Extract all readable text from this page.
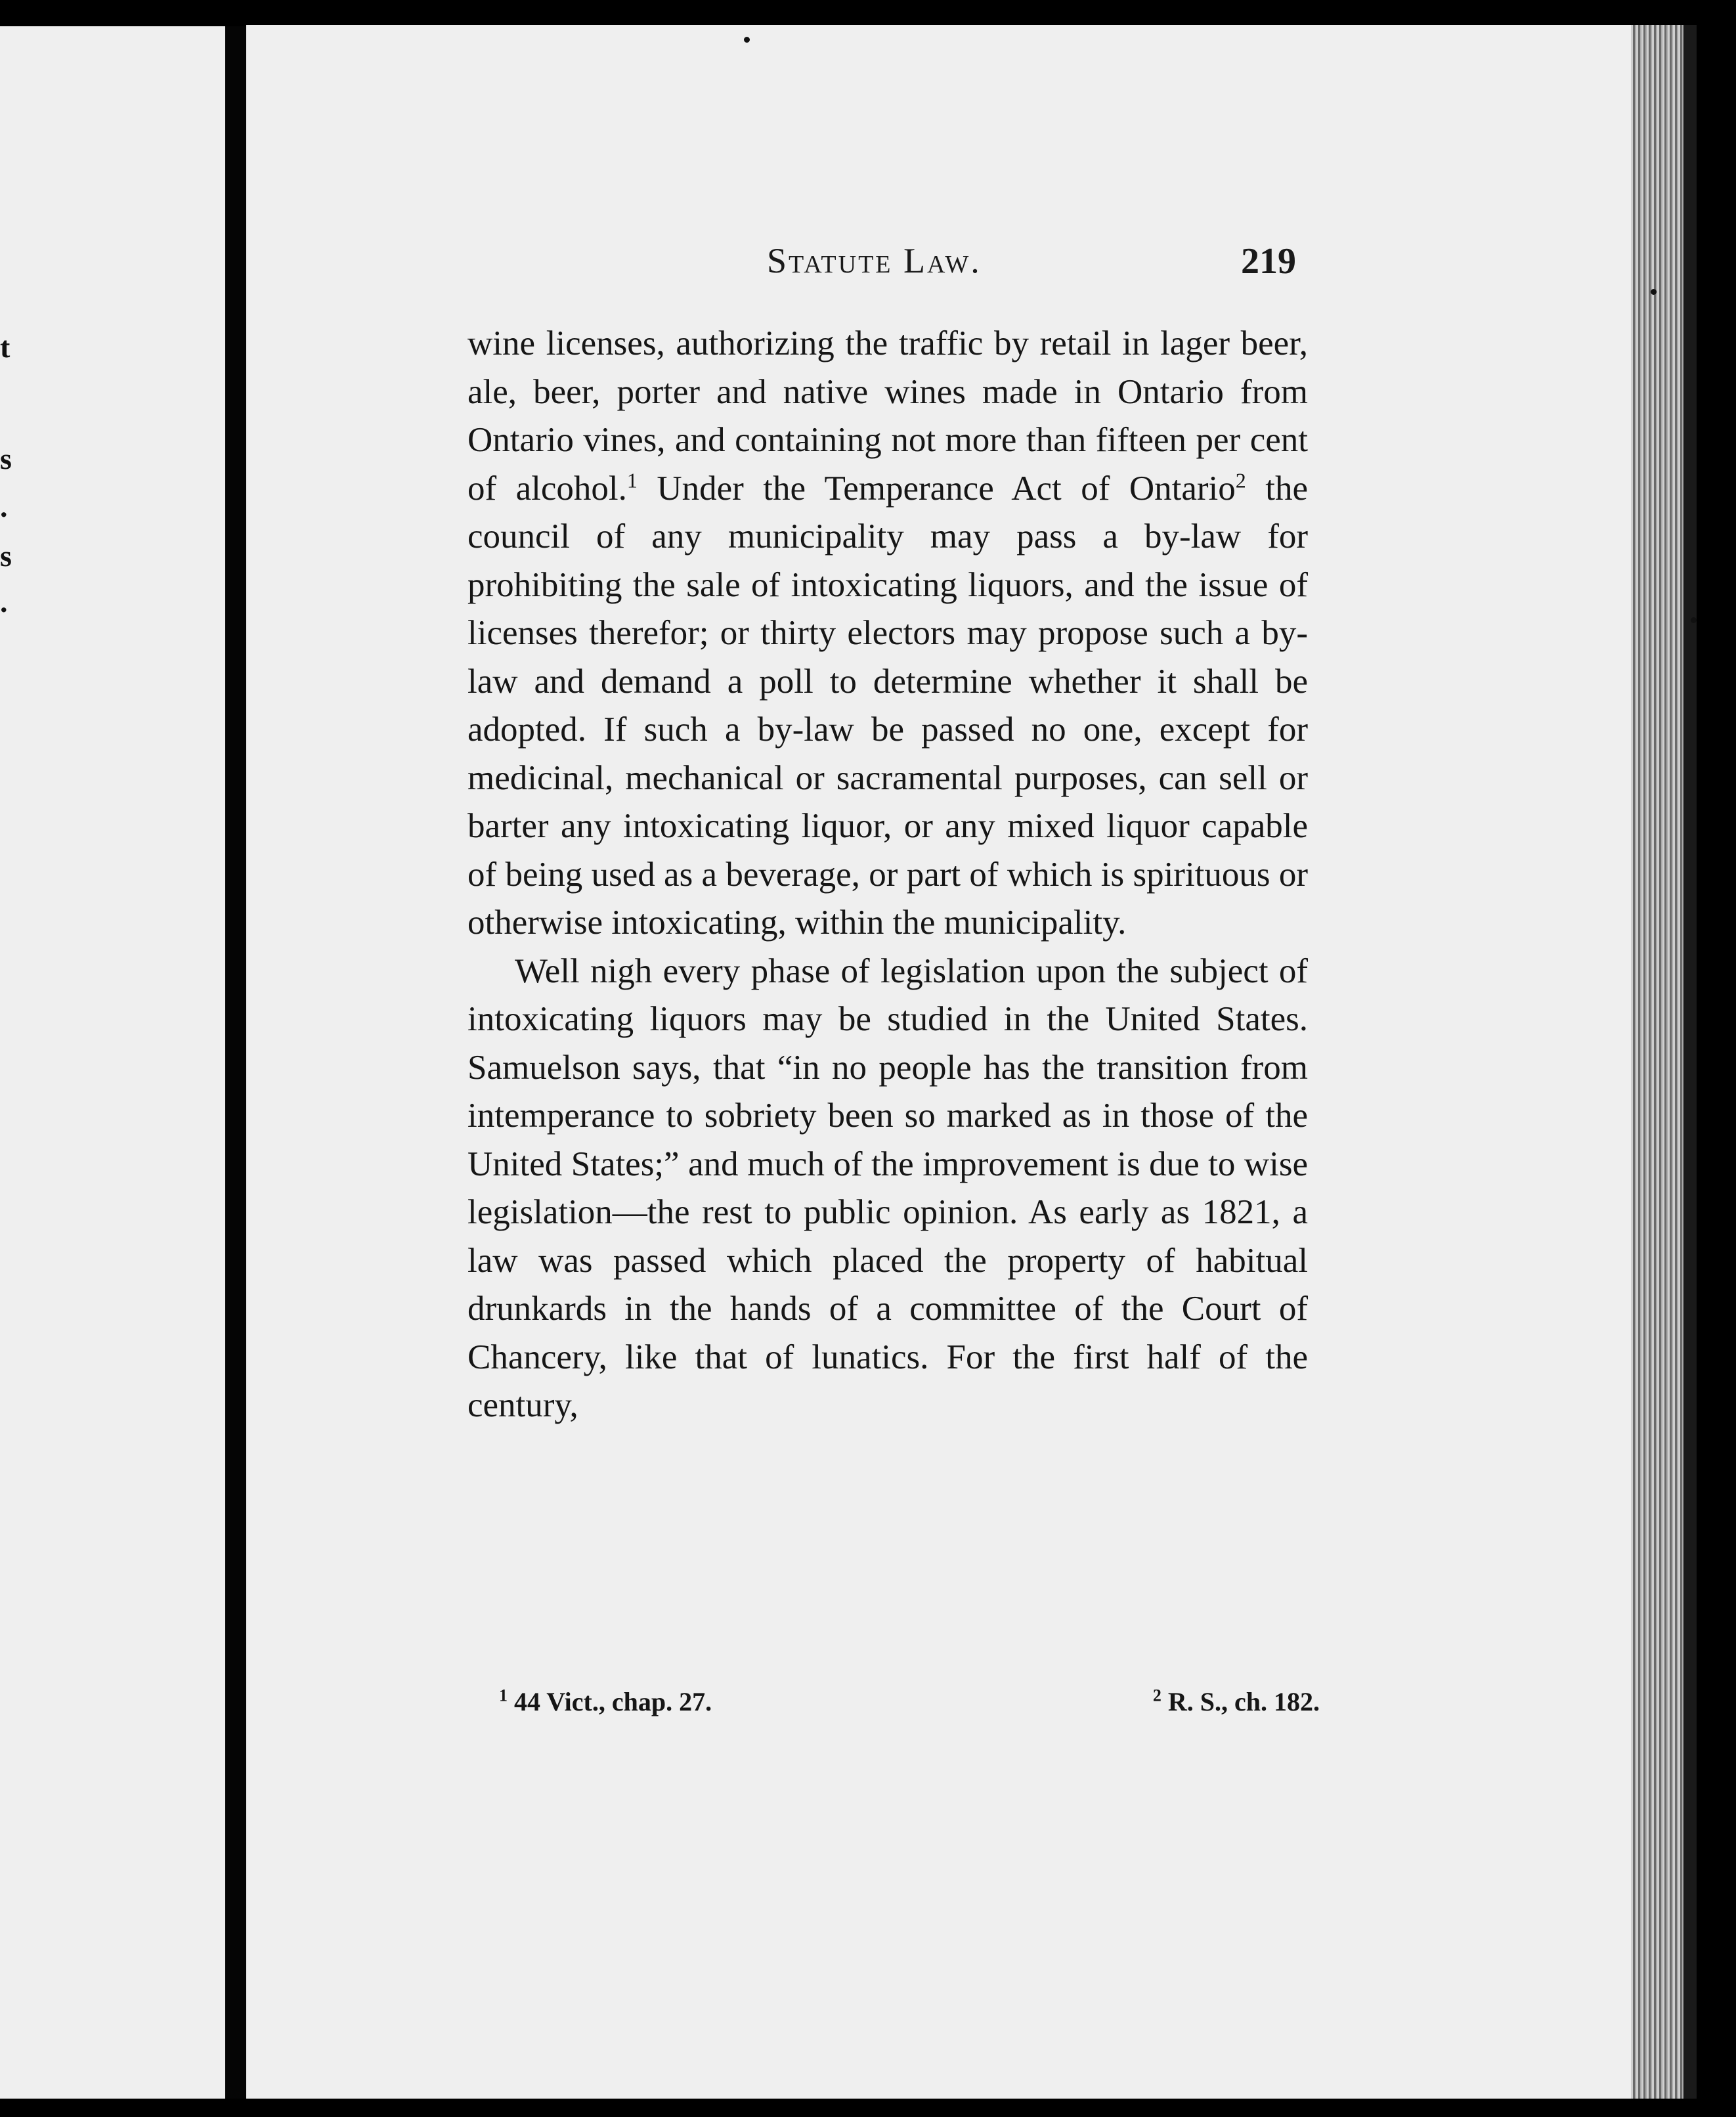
t
s
.
s
.
Statute Law.	219

wine licenses, authorizing the traffic by retail in lager beer, ale, beer, porter and native wines made in Ontario from Ontario vines, and containing not more than fifteen per cent of alcohol.$^1$ Under the Temperance Act of Ontario$^2$ the council of any municipality may pass a by-law for prohibiting the sale of intoxicating liquors, and the issue of licenses therefor; or thirty electors may propose such a by-law and demand a poll to determine whether it shall be adopted. If such a by-law be passed no one, except for medicinal, mechanical or sacramental purposes, can sell or barter any intoxicating liquor, or any mixed liquor capable of being used as a beverage, or part of which is spirituous or otherwise intoxicating, within the municipality.

Well nigh every phase of legislation upon the subject of intoxicating liquors may be studied in the United States. Samuelson says, that “in no people has the transition from intemperance to sobriety been so marked as in those of the United States;” and much of the improvement is due to wise legislation—the rest to public opinion. As early as 1821, a law was passed which placed the property of habitual drunkards in the hands of a committee of the Court of Chancery, like that of lunatics. For the first half of the century,

$^1$ 44 Vict., chap. 27.	$^2$ R. S., ch. 182.
